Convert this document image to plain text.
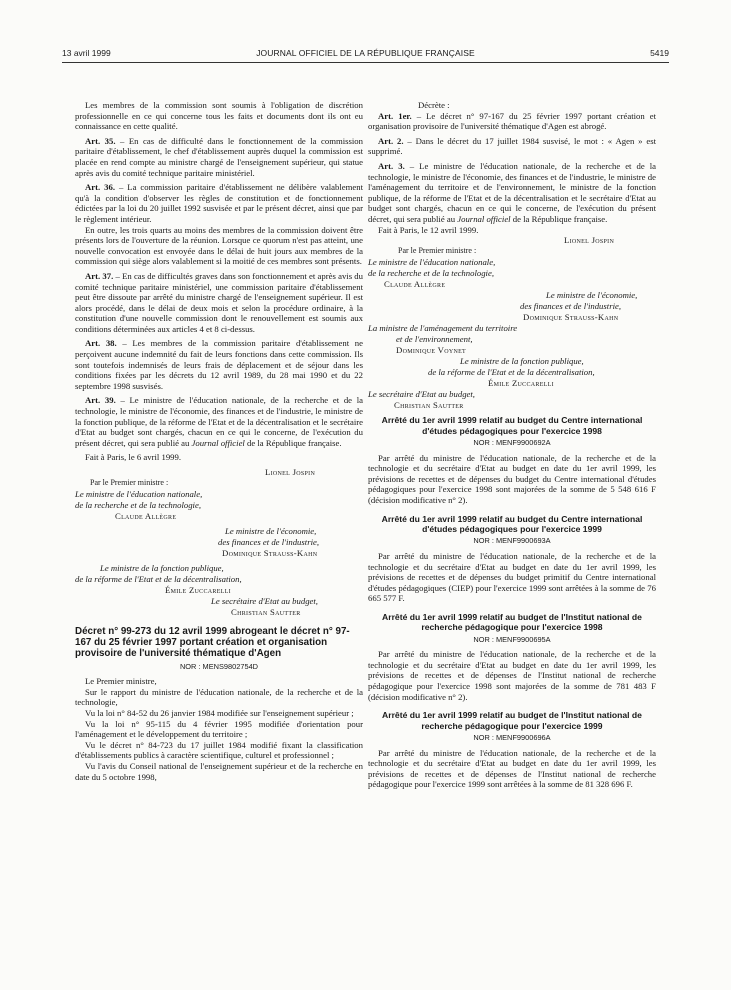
13 avril 1999	JOURNAL OFFICIEL DE LA RÉPUBLIQUE FRANÇAISE	5419

Les membres de la commission sont soumis à l'obligation de discrétion professionnelle en ce qui concerne tous les faits et documents dont ils ont eu connaissance en cette qualité.

Art. 35. – En cas de difficulté dans le fonctionnement de la commission paritaire d'établissement, le chef d'établissement auprès duquel la commission est placée en rend compte au ministre chargé de l'enseignement supérieur, qui statue après avis du comité technique paritaire ministériel.

Art. 36. – La commission paritaire d'établissement ne délibère valablement qu'à la condition d'observer les règles de constitution et de fonctionnement édictées par la loi du 20 juillet 1992 susvisée et par le présent décret, ainsi que par le règlement intérieur.

En outre, les trois quarts au moins des membres de la commission doivent être présents lors de l'ouverture de la réunion. Lorsque ce quorum n'est pas atteint, une nouvelle convocation est envoyée dans le délai de huit jours aux membres de la commission qui siège alors valablement si la moitié de ces membres sont présents.

Art. 37. – En cas de difficultés graves dans son fonctionnement et après avis du comité technique paritaire ministériel, une commission paritaire d'établissement peut être dissoute par arrêté du ministre chargé de l'enseignement supérieur. Il est alors procédé, dans le délai de deux mois et selon la procédure ordinaire, à la constitution d'une nouvelle commission dont le renouvellement est soumis aux conditions déterminées aux articles 4 et 8 ci-dessus.

Art. 38. – Les membres de la commission paritaire d'établissement ne perçoivent aucune indemnité du fait de leurs fonctions dans cette commission. Ils sont toutefois indemnisés de leurs frais de déplacement et de séjour dans les conditions fixées par les décrets du 12 avril 1989, du 28 mai 1990 et du 22 septembre 1998 susvisés.

Art. 39. – Le ministre de l'éducation nationale, de la recherche et de la technologie, le ministre de l'économie, des finances et de l'industrie, le ministre de la fonction publique, de la réforme de l'Etat et de la décentralisation et le secrétaire d'Etat au budget sont chargés, chacun en ce qui le concerne, de l'exécution du présent décret, qui sera publié au Journal officiel de la République française.

Fait à Paris, le 6 avril 1999.

Lionel Jospin
Par le Premier ministre :
Le ministre de l'éducation nationale,
de la recherche et de la technologie,
Claude Allègre
Le ministre de l'économie,
des finances et de l'industrie,
Dominique Strauss-Kahn
Le ministre de la fonction publique,
de la réforme de l'Etat et de la décentralisation,
Émile Zuccarelli
Le secrétaire d'Etat au budget,
Christian Sautter
Décret n° 99-273 du 12 avril 1999 abrogeant le décret n° 97-167 du 25 février 1997 portant création et organisation provisoire de l'université thématique d'Agen
NOR : MENS9802754D

Le Premier ministre,

Sur le rapport du ministre de l'éducation nationale, de la recherche et de la technologie,

Vu la loi n° 84-52 du 26 janvier 1984 modifiée sur l'enseignement supérieur ;

Vu la loi n° 95-115 du 4 février 1995 modifiée d'orientation pour l'aménagement et le développement du territoire ;

Vu le décret n° 84-723 du 17 juillet 1984 modifié fixant la classification d'établissements publics à caractère scientifique, culturel et professionnel ;

Vu l'avis du Conseil national de l'enseignement supérieur et de la recherche en date du 5 octobre 1998,

Décrète :

Art. 1er. – Le décret n° 97-167 du 25 février 1997 portant création et organisation provisoire de l'université thématique d'Agen est abrogé.

Art. 2. – Dans le décret du 17 juillet 1984 susvisé, le mot : « Agen » est supprimé.

Art. 3. – Le ministre de l'éducation nationale, de la recherche et de la technologie, le ministre de l'économie, des finances et de l'industrie, le ministre de l'aménagement du territoire et de l'environnement, le ministre de la fonction publique, de la réforme de l'Etat et de la décentralisation et le secrétaire d'Etat au budget sont chargés, chacun en ce qui le concerne, de l'exécution du présent décret, qui sera publié au Journal officiel de la République française.

Fait à Paris, le 12 avril 1999.

Lionel Jospin
Par le Premier ministre :
Le ministre de l'éducation nationale,
de la recherche et de la technologie,
Claude Allègre
Le ministre de l'économie,
des finances et de l'industrie,
Dominique Strauss-Kahn
La ministre de l'aménagement du territoire
et de l'environnement,
Dominique Voynet
Le ministre de la fonction publique,
de la réforme de l'Etat et de la décentralisation,
Émile Zuccarelli
Le secrétaire d'Etat au budget,
Christian Sautter
Arrêté du 1er avril 1999 relatif au budget du Centre international d'études pédagogiques pour l'exercice 1998
NOR : MENF9900692A

Par arrêté du ministre de l'éducation nationale, de la recherche et de la technologie et du secrétaire d'Etat au budget en date du 1er avril 1999, les prévisions de recettes et de dépenses du budget du Centre international d'études pédagogiques pour l'exercice 1998 sont majorées de la somme de 5 548 616 F (décision modificative n° 2).

Arrêté du 1er avril 1999 relatif au budget du Centre international d'études pédagogiques pour l'exercice 1999
NOR : MENF9900693A

Par arrêté du ministre de l'éducation nationale, de la recherche et de la technologie et du secrétaire d'Etat au budget en date du 1er avril 1999, les prévisions de recettes et de dépenses du budget primitif du Centre international d'études pédagogiques (CIEP) pour l'exercice 1999 sont arrêtées à la somme de 76 665 577 F.

Arrêté du 1er avril 1999 relatif au budget de l'Institut national de recherche pédagogique pour l'exercice 1998
NOR : MENF9900695A

Par arrêté du ministre de l'éducation nationale, de la recherche et de la technologie et du secrétaire d'Etat au budget en date du 1er avril 1999, les prévisions de recettes et de dépenses de l'Institut national de recherche pédagogique pour l'exercice 1998 sont majorées de la somme de 781 483 F (décision modificative n° 2).

Arrêté du 1er avril 1999 relatif au budget de l'Institut national de recherche pédagogique pour l'exercice 1999
NOR : MENF9900696A

Par arrêté du ministre de l'éducation nationale, de la recherche et de la technologie et du secrétaire d'Etat au budget en date du 1er avril 1999, les prévisions de recettes et de dépenses de l'Institut national de recherche pédagogique pour l'exercice 1999 sont arrêtées à la somme de 81 328 696 F.
